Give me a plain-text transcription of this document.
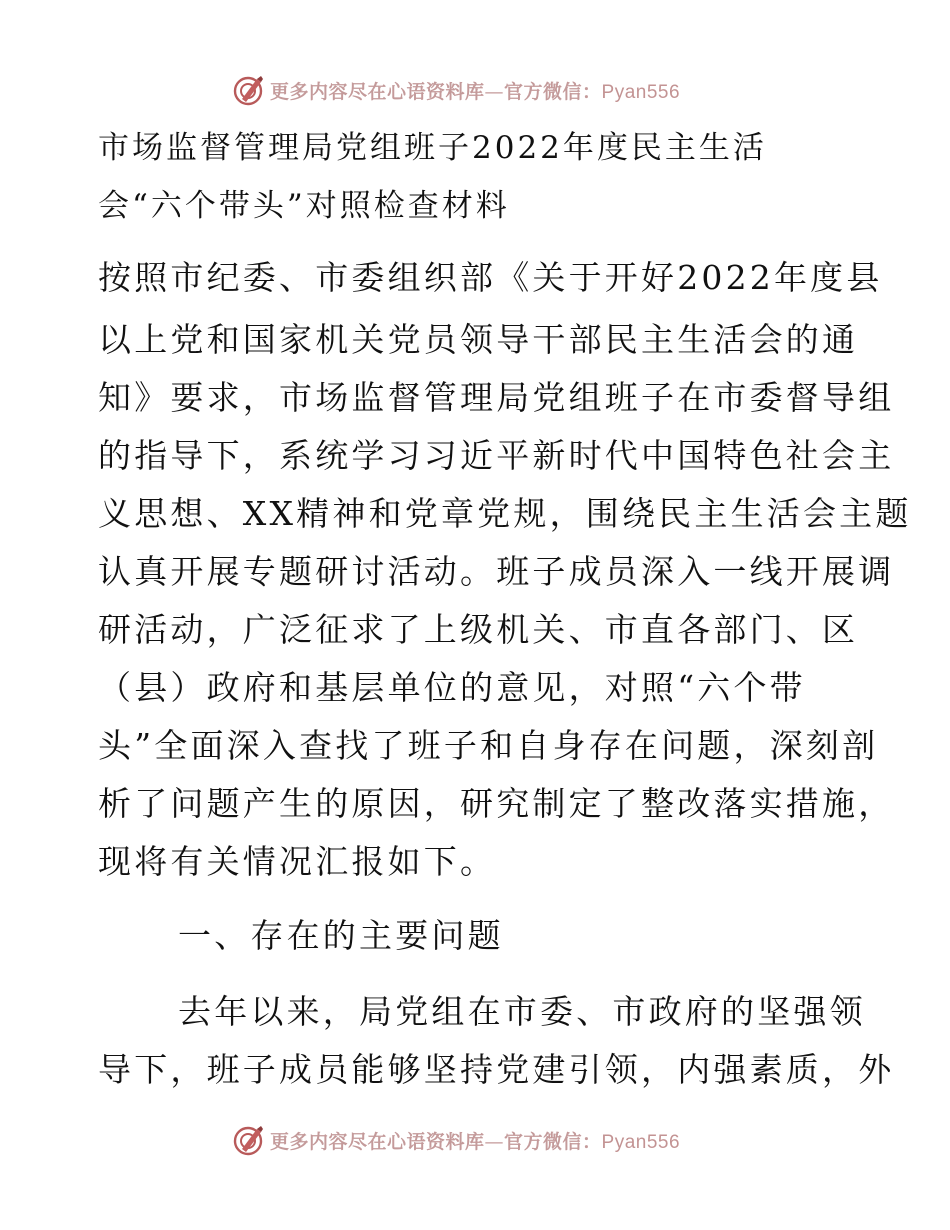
更多内容尽在心语资料库—官方微信：Pyan556
市场监督管理局党组班子2022年度民主生活
会“六个带头”对照检查材料
按照市纪委、市委组织部《关于开好2022年度县
以上党和国家机关党员领导干部民主生活会的通
知》要求，市场监督管理局党组班子在市委督导组
的指导下，系统学习习近平新时代中国特色社会主
义思想、XX精神和党章党规，围绕民主生活会主题
认真开展专题研讨活动。班子成员深入一线开展调
研活动，广泛征求了上级机关、市直各部门、区
（县）政府和基层单位的意见，对照“六个带
头”全面深入查找了班子和自身存在问题，深刻剖
析了问题产生的原因，研究制定了整改落实措施，
现将有关情况汇报如下。
一、存在的主要问题
去年以来，局党组在市委、市政府的坚强领
导下，班子成员能够坚持党建引领，内强素质，外
更多内容尽在心语资料库—官方微信：Pyan556
